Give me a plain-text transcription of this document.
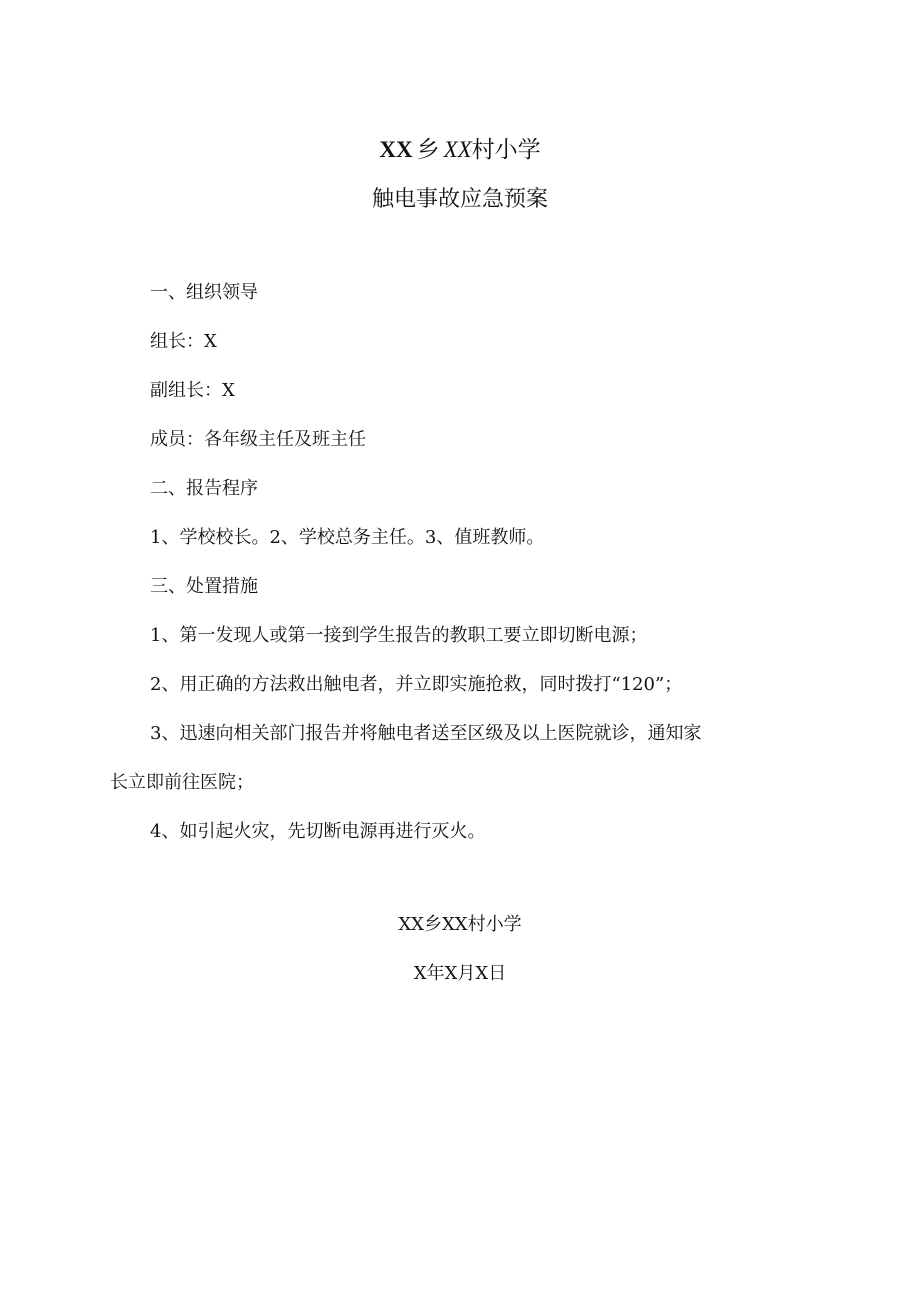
XX 乡 XX村小学
触电事故应急预案
一、组织领导
组长：X
副组长：X
成员：各年级主任及班主任
二、报告程序
1、学校校长。2、学校总务主任。3、值班教师。
三、处置措施
1、第一发现人或第一接到学生报告的教职工要立即切断电源；
2、用正确的方法救出触电者，并立即实施抢救，同时拨打“120”；
3、迅速向相关部门报告并将触电者送至区级及以上医院就诊，通知家
长立即前往医院；
4、如引起火灾，先切断电源再进行灭火。
XX乡XX村小学
X年X月X日
